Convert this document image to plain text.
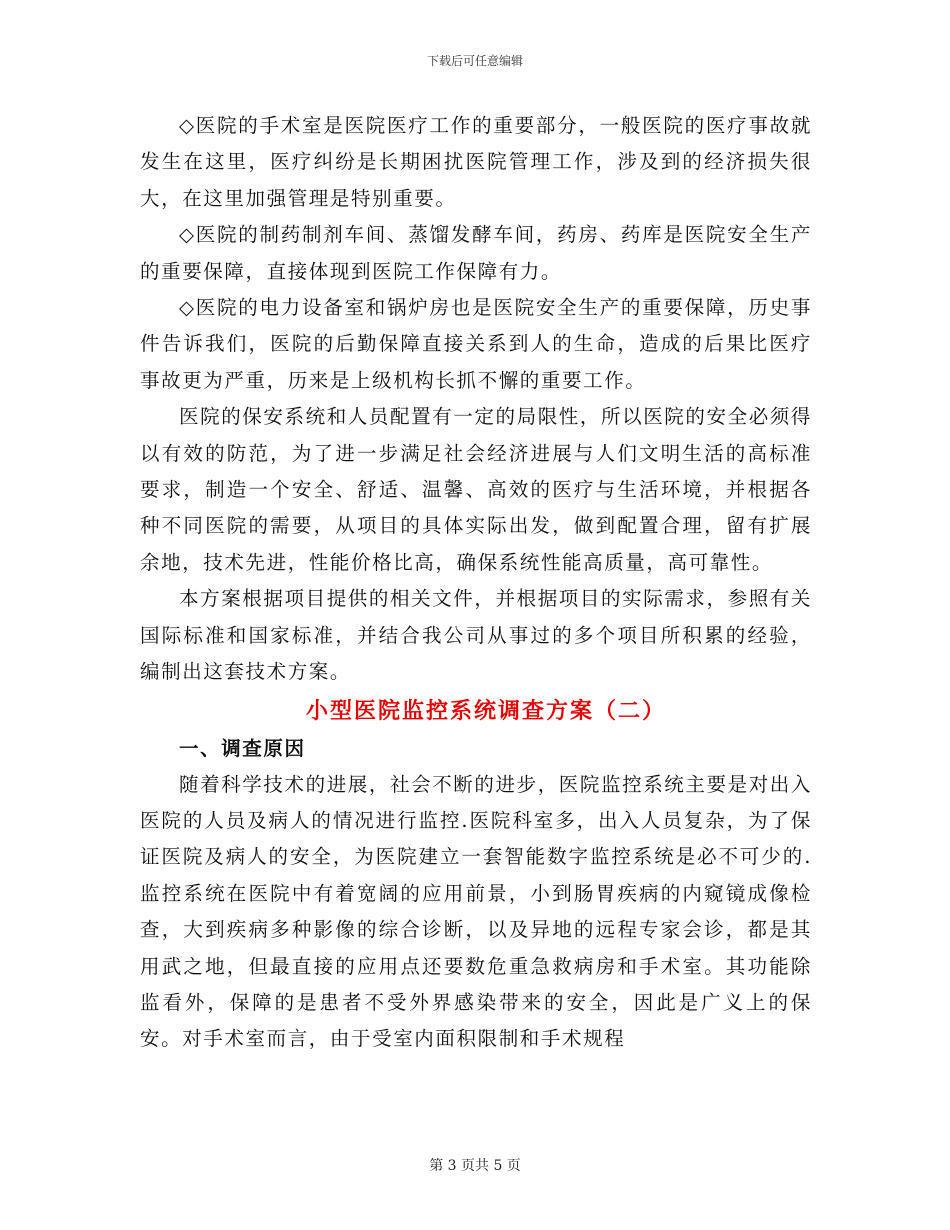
下载后可任意编辑

◇医院的手术室是医院医疗工作的重要部分，一般医院的医疗事故就发生在这里，医疗纠纷是长期困扰医院管理工作，涉及到的经济损失很大，在这里加强管理是特别重要。

◇医院的制药制剂车间、蒸馏发酵车间，药房、药库是医院安全生产的重要保障，直接体现到医院工作保障有力。

◇医院的电力设备室和锅炉房也是医院安全生产的重要保障，历史事件告诉我们，医院的后勤保障直接关系到人的生命，造成的后果比医疗事故更为严重，历来是上级机构长抓不懈的重要工作。

医院的保安系统和人员配置有一定的局限性，所以医院的安全必须得以有效的防范，为了进一步满足社会经济进展与人们文明生活的高标准要求，制造一个安全、舒适、温馨、高效的医疗与生活环境，并根据各种不同医院的需要，从项目的具体实际出发，做到配置合理，留有扩展余地，技术先进，性能价格比高，确保系统性能高质量，高可靠性。

本方案根据项目提供的相关文件，并根据项目的实际需求，参照有关国际标准和国家标准，并结合我公司从事过的多个项目所积累的经验，编制出这套技术方案。

小型医院监控系统调查方案（二）
一、调查原因

随着科学技术的进展，社会不断的进步，医院监控系统主要是对出入医院的人员及病人的情况进行监控.医院科室多，出入人员复杂，为了保证医院及病人的安全，为医院建立一套智能数字监控系统是必不可少的.监控系统在医院中有着宽阔的应用前景，小到肠胃疾病的内窥镜成像检查，大到疾病多种影像的综合诊断，以及异地的远程专家会诊，都是其用武之地，但最直接的应用点还要数危重急救病房和手术室。其功能除监看外，保障的是患者不受外界感染带来的安全，因此是广义上的保安。对手术室而言，由于受室内面积限制和手术规程

第 3 页共 5 页
